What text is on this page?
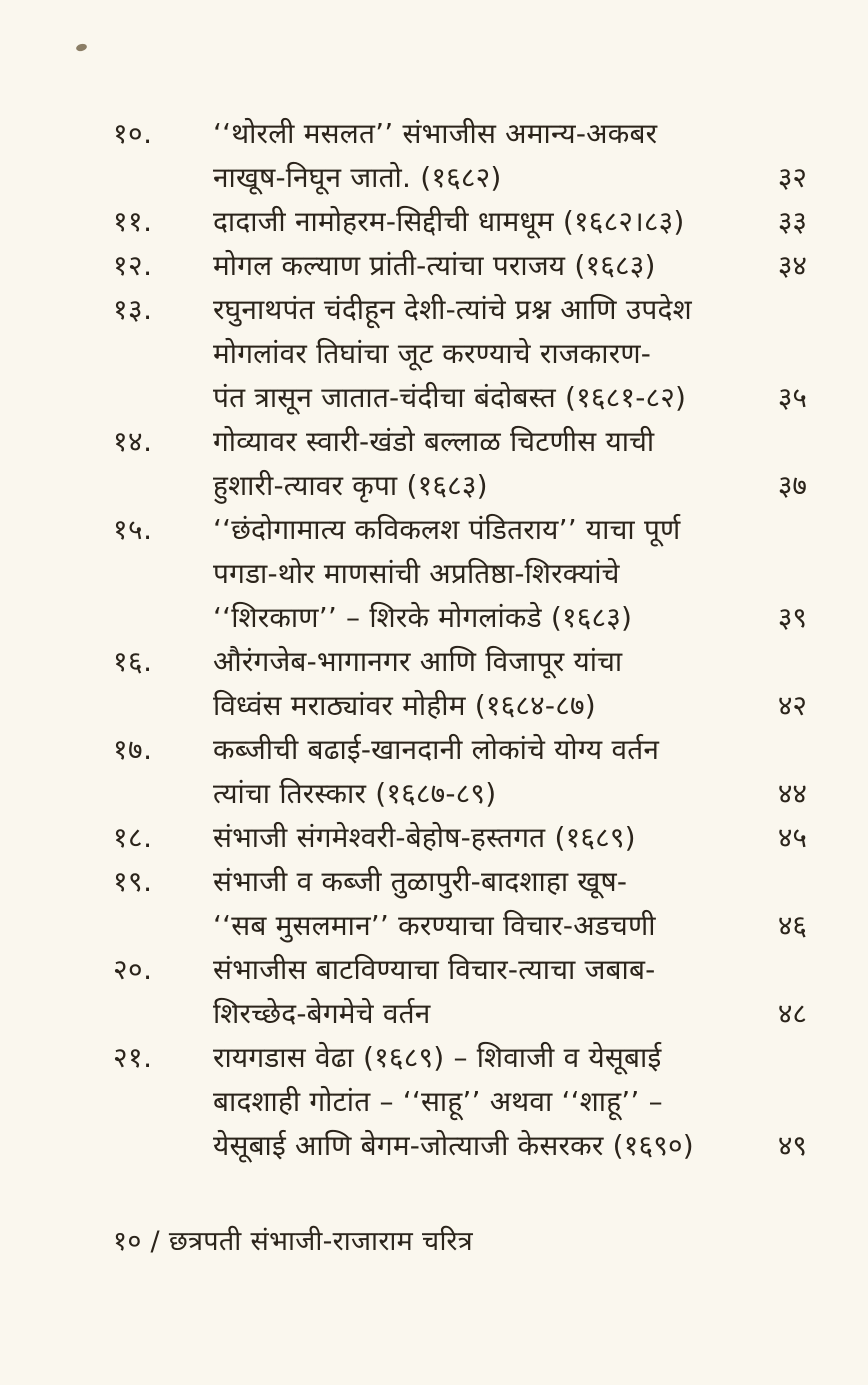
१०.	‘‘थोरली मसलत’’ संभाजीस अमान्य-अकबर
नाखूष-निघून जातो. (१६८२)	३२
११.	दादाजी नामोहरम-सिद्दीची धामधूम (१६८२।८३)	३३
१२.	मोगल कल्याण प्रांती-त्यांचा पराजय (१६८३)	३४
१३.	रघुनाथपंत चंदीहून देशी-त्यांचे प्रश्न आणि उपदेश
मोगलांवर तिघांचा जूट करण्याचे राजकारण-
पंत त्रासून जातात-चंदीचा बंदोबस्त (१६८१-८२)	३५
१४.	गोव्यावर स्वारी-खंडो बल्लाळ चिटणीस याची
हुशारी-त्यावर कृपा (१६८३)	३७
१५.	‘‘छंदोगामात्य कविकलश पंडितराय’’ याचा पूर्ण
पगडा-थोर माणसांची अप्रतिष्ठा-शिरक्यांचे
‘‘शिरकाण’’ – शिरके मोगलांकडे (१६८३)	३९
१६.	औरंगजेब-भागानगर आणि विजापूर यांचा
विध्वंस मराठ्यांवर मोहीम (१६८४-८७)	४२
१७.	कब्जीची बढाई-खानदानी लोकांचे योग्य वर्तन
त्यांचा तिरस्कार (१६८७-८९)	४४
१८.	संभाजी संगमेश्वरी-बेहोष-हस्तगत (१६८९)	४५
१९.	संभाजी व कब्जी तुळापुरी-बादशाहा खूष-
‘‘सब मुसलमान’’ करण्याचा विचार-अडचणी	४६
२०.	संभाजीस बाटविण्याचा विचार-त्याचा जबाब-
शिरच्छेद-बेगमेचे वर्तन	४८
२१.	रायगडास वेढा (१६८९) – शिवाजी व येसूबाई
बादशाही गोटांत – ‘‘साहू’’ अथवा ‘‘शाहू’’ –
येसूबाई आणि बेगम-जोत्याजी केसरकर (१६९०)	४९
१० / छत्रपती संभाजी-राजाराम चरित्र
